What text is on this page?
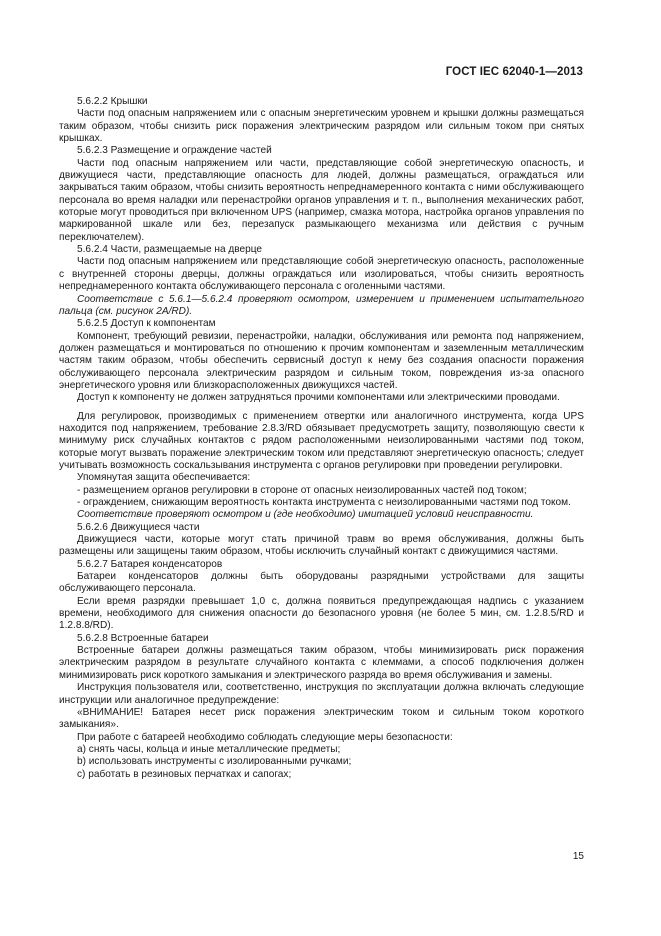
ГОСТ IEC 62040-1—2013

5.6.2.2 Крышки

Части под опасным напряжением или с опасным энергетическим уровнем и крышки должны размещаться таким образом, чтобы снизить риск поражения электрическим разрядом или сильным током при снятых крышках.

5.6.2.3 Размещение и ограждение частей

Части под опасным напряжением или части, представляющие собой энергетическую опасность, и движущиеся части, представляющие опасность для людей, должны размещаться, ограждаться или закрываться таким образом, чтобы снизить вероятность непреднамеренного контакта с ними обслуживающего персонала во время наладки или перенастройки органов управления и т. п., выполнения механических работ, которые могут проводиться при включенном UPS (например, смазка мотора, настройка органов управления по маркированной шкале или без, перезапуск размыкающего механизма или действия с ручным переключателем).

5.6.2.4 Части, размещаемые на дверце

Части под опасным напряжением или представляющие собой энергетическую опасность, расположенные с внутренней стороны дверцы, должны ограждаться или изолироваться, чтобы снизить вероятность непреднамеренного контакта обслуживающего персонала с оголенными частями.

Соответствие с 5.6.1—5.6.2.4 проверяют осмотром, измерением и применением испытательного пальца (см. рисунок 2A/RD).

5.6.2.5 Доступ к компонентам

Компонент, требующий ревизии, перенастройки, наладки, обслуживания или ремонта под напряжением, должен размещаться и монтироваться по отношению к прочим компонентам и заземленным металлическим частям таким образом, чтобы обеспечить сервисный доступ к нему без создания опасности поражения обслуживающего персонала электрическим разрядом и сильным током, повреждения из-за опасного энергетического уровня или близкорасположенных движущихся частей.

Доступ к компоненту не должен затрудняться прочими компонентами или электрическими проводами.

Для регулировок, производимых с применением отвертки или аналогичного инструмента, когда UPS находится под напряжением, требование 2.8.3/RD обязывает предусмотреть защиту, позволяющую свести к минимуму риск случайных контактов с рядом расположенными неизолированными частями под током, которые могут вызвать поражение электрическим током или представляют энергетическую опасность; следует учитывать возможность соскальзывания инструмента с органов регулировки при проведении регулировки.

Упомянутая защита обеспечивается:

- размещением органов регулировки в стороне от опасных неизолированных частей под током;

- ограждением, снижающим вероятность контакта инструмента с неизолированными частями под током.

Соответствие проверяют осмотром и (где необходимо) имитацией условий неисправности.

5.6.2.6 Движущиеся части

Движущиеся части, которые могут стать причиной травм во время обслуживания, должны быть размещены или защищены таким образом, чтобы исключить случайный контакт с движущимися частями.

5.6.2.7 Батарея конденсаторов

Батареи конденсаторов должны быть оборудованы разрядными устройствами для защиты обслуживающего персонала.

Если время разрядки превышает 1,0 с, должна появиться предупреждающая надпись с указанием времени, необходимого для снижения опасности до безопасного уровня (не более 5 мин, см. 1.2.8.5/RD и 1.2.8.8/RD).

5.6.2.8 Встроенные батареи

Встроенные батареи должны размещаться таким образом, чтобы минимизировать риск поражения электрическим разрядом в результате случайного контакта с клеммами, а способ подключения должен минимизировать риск короткого замыкания и электрического разряда во время обслуживания и замены.

Инструкция пользователя или, соответственно, инструкция по эксплуатации должна включать следующие инструкции или аналогичное предупреждение:

«ВНИМАНИЕ! Батарея несет риск поражения электрическим током и сильным током короткого замыкания».

При работе с батареей необходимо соблюдать следующие меры безопасности:

a) снять часы, кольца и иные металлические предметы;

b) использовать инструменты с изолированными ручками;

c) работать в резиновых перчатках и сапогах;

15
